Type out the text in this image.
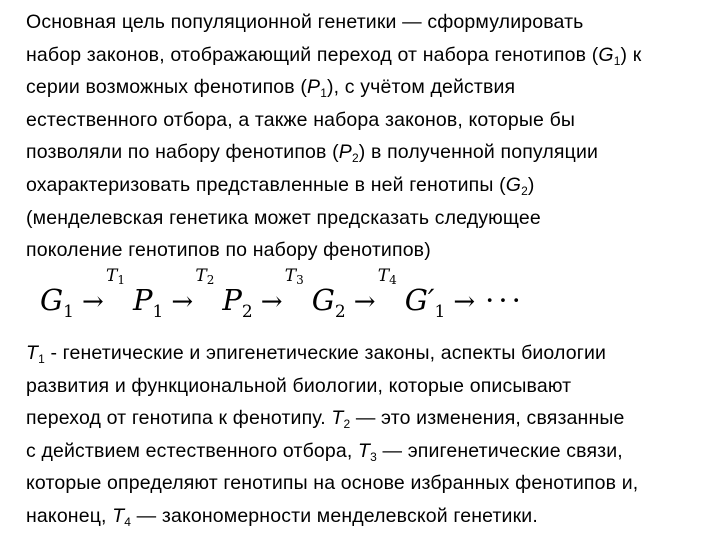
Основная цель популяционной генетики — сформулировать
набор законов, отображающий переход от набора генотипов $(G_1)$ к
серии возможных фенотипов $(P_1)$, с учётом действия
естественного отбора, а также набора законов, которые бы
позволяли по набору фенотипов $(P_2)$ в полученной популяции
охарактеризовать представленные в ней генотипы $(G_2)$
(менделевская генетика может предсказать следующее
поколение генотипов по набору фенотипов)
$G_1$ →
T1
$P_1$ →
T2
$P_2$ →
T3
$G_2$ →
T4
$G'_1$ → ···
$T_1$ - генетические и эпигенетические законы, аспекты биологии
развития и функциональной биологии, которые описывают
переход от генотипа к фенотипу. $T_2$ — это изменения, связанные
с действием естественного отбора, $T_3$ — эпигенетические связи,
которые определяют генотипы на основе избранных фенотипов и,
наконец, $T_4$ — закономерности менделевской генетики.
